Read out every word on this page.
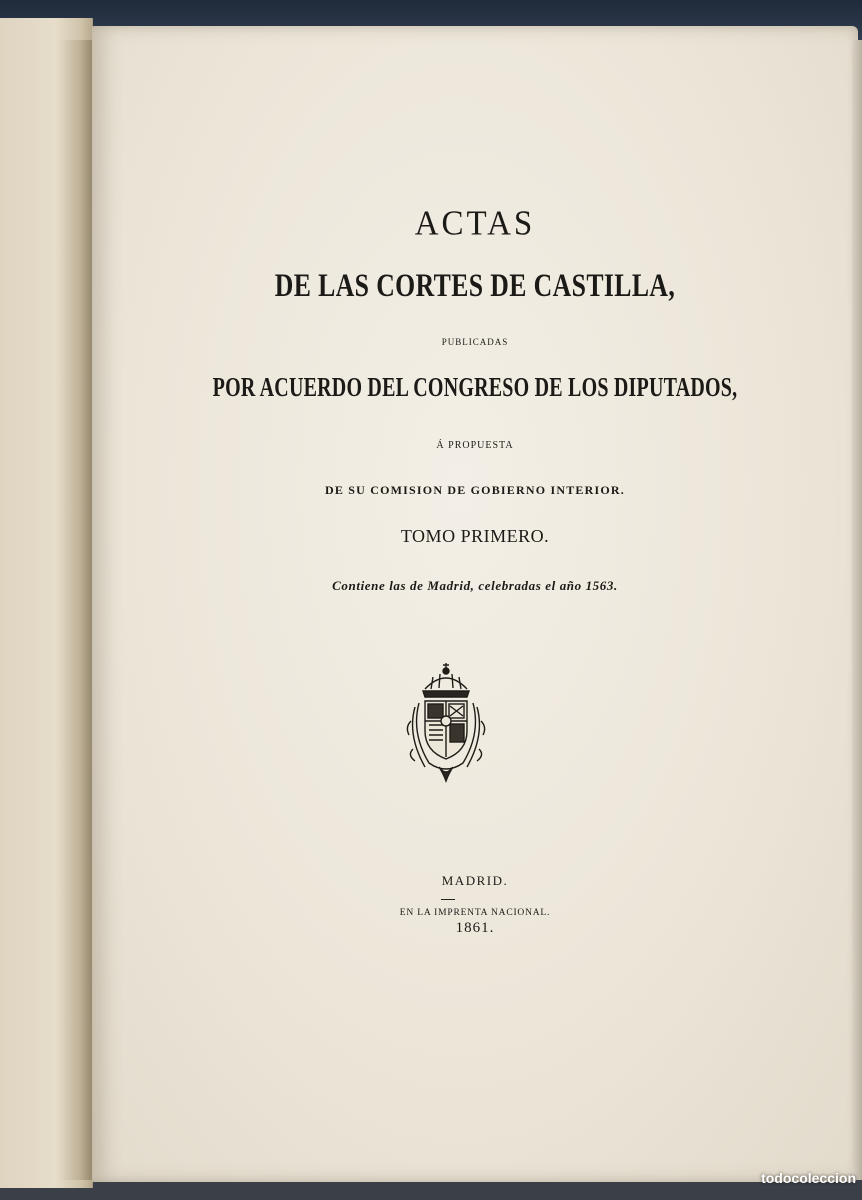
ACTAS
DE LAS CORTES DE CASTILLA,
PUBLICADAS
POR ACUERDO DEL CONGRESO DE LOS DIPUTADOS,
Á PROPUESTA
DE SU COMISION DE GOBIERNO INTERIOR.
TOMO PRIMERO.
Contiene las de Madrid, celebradas el año 1563.
MADRID.
EN LA IMPRENTA NACIONAL.
1861.
todocoleccion
